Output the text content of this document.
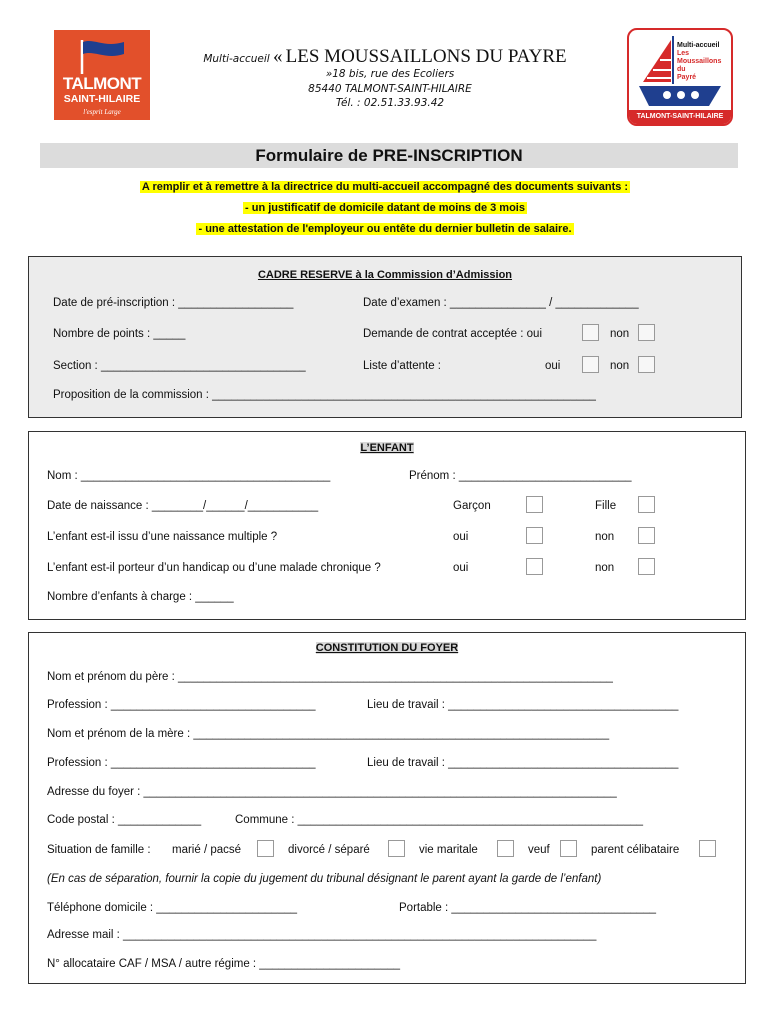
TALMONT
SAINT-HILAIRE
l'esprit Large
Multi-accueil « LES MOUSSAILLONS DU PAYRE
»18 bis, rue des Ecoliers
85440 TALMONT-SAINT-HILAIRE
Tél. : 02.51.33.93.42
Multi-accueil
Les
Moussaillons
du
Payré
TALMONT-SAINT-HILAIRE
Formulaire de PRE-INSCRIPTION
A remplir et à remettre à la directrice du multi-accueil accompagné des documents suivants :
- un justificatif de domicile datant de moins de 3 mois
- une attestation de l'employeur ou entête du dernier bulletin de salaire.
CADRE RESERVE à la Commission d’Admission
Date de pré-inscription : __________________	Date d’examen : _______________ / _____________
Nombre de points : _____	Demande de contrat acceptée : oui	non
Section : ________________________________	Liste d’attente :	oui	non
Proposition de la commission : ____________________________________________________________
L’ENFANT
Nom : _______________________________________	Prénom : ___________________________
Date de naissance : ________/______/___________	Garçon	Fille
L’enfant est-il issu d’une naissance multiple ?	oui	non
L’enfant est-il porteur d’un handicap ou d’une malade chronique ?	oui	non
Nombre d’enfants à charge : ______
CONSTITUTION DU FOYER
Nom et prénom du père : ____________________________________________________________________
Profession : ________________________________	Lieu de travail : ____________________________________
Nom et prénom de la mère : _________________________________________________________________
Profession : ________________________________	Lieu de travail : ____________________________________
Adresse du foyer : __________________________________________________________________________
Code postal : _____________	Commune : ______________________________________________________
Situation de famille : marié / pacsé	divorcé / séparé	vie maritale	veuf	parent célibataire
(En cas de séparation, fournir la copie du jugement du tribunal désignant le parent ayant la garde de l’enfant)
Téléphone domicile : ______________________	Portable : ________________________________
Adresse mail : __________________________________________________________________________
N° allocataire CAF / MSA / autre régime : ______________________
